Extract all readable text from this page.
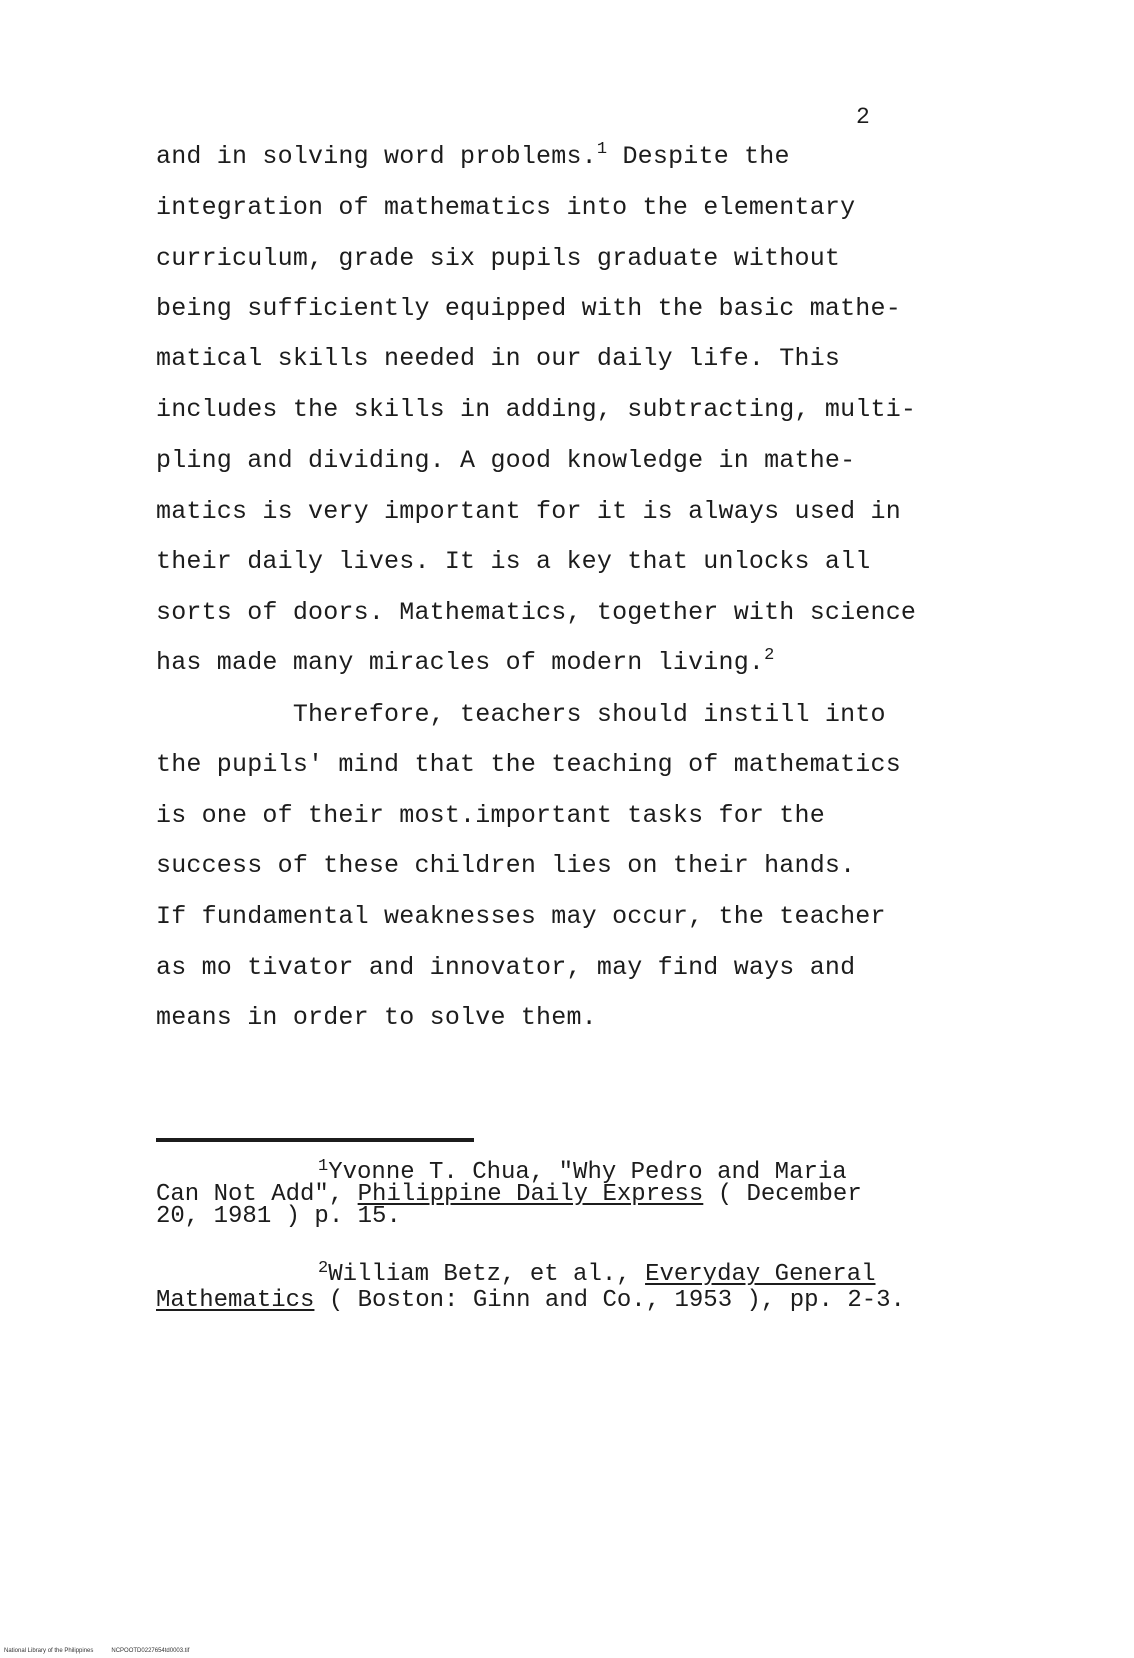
2
and in solving word problems.$^1$ Despite the
integration of mathematics into the elementary
curriculum, grade six pupils graduate without
being sufficiently equipped with the basic mathe-
matical skills needed in our daily life. This
includes the skills in adding, subtracting, multi-
pling and dividing. A good knowledge in mathe-
matics is very important for it is always used in
their daily lives. It is a key that unlocks all
sorts of doors. Mathematics, together with science
has made many miracles of modern living.$^2$
Therefore, teachers should instill into
the pupils' mind that the teaching of mathematics
is one of their most.important tasks for the
success of these children lies on their hands.
If fundamental weaknesses may occur, the teacher
as mo tivator and innovator, may find ways and
means in order to solve them.
$^1$Yvonne T. Chua, "Why Pedro and Maria
Can Not Add", Philippine Daily Express ( December
20, 1981 ) p. 15.
$^2$William Betz, et al., Everyday General
Mathematics ( Boston: Ginn and Co., 1953 ), pp. 2-3.
National Library of the Philippines	NCPOOTD0227654td0003.tif
